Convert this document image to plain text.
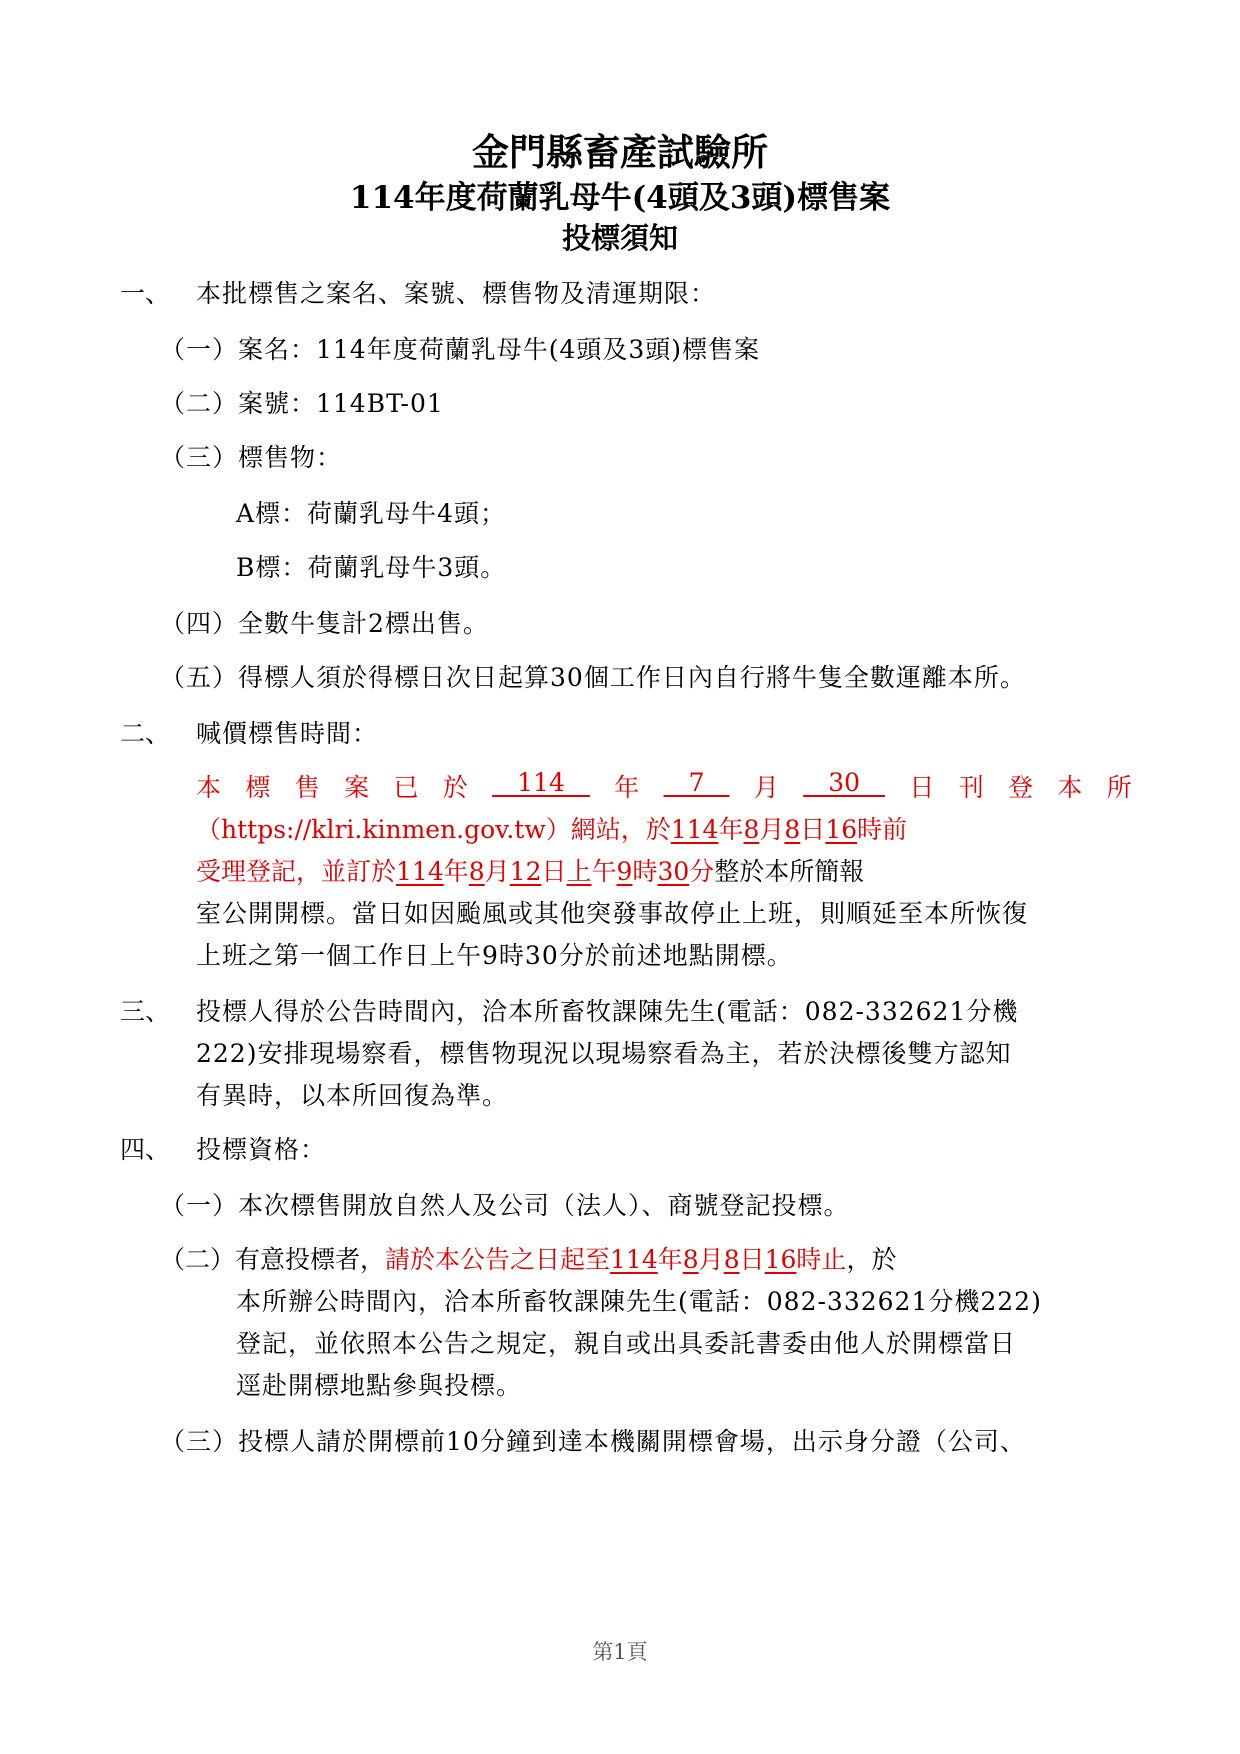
金門縣畜產試驗所
114年度荷蘭乳母牛(4頭及3頭)標售案
投標須知
一、 本批標售之案名、案號、標售物及清運期限：
（一）案名：114年度荷蘭乳母牛(4頭及3頭)標售案
（二）案號：114BT-01
（三）標售物：
A標：荷蘭乳母牛4頭；
B標：荷蘭乳母牛3頭。
（四）全數牛隻計2標出售。
（五）得標人須於得標日次日起算30個工作日內自行將牛隻全數運離本所。
二、 喊價標售時間：
本 標 售 案 已 於 __114__ 年 __7__ 月 __30__ 日 刊 登 本 所
（https://klri.kinmen.gov.tw）網站，於114年8月8日16時前
受理登記，並訂於114年8月12日上午9時30分整於本所簡報
室公開開標。當日如因颱風或其他突發事故停止上班，則順延至本所恢復
上班之第一個工作日上午9時30分於前述地點開標。
三、 投標人得於公告時間內，洽本所畜牧課陳先生(電話：082-332621分機
222)安排現場察看，標售物現況以現場察看為主，若於決標後雙方認知
有異時，以本所回復為準。
四、 投標資格：
（一）本次標售開放自然人及公司（法人）、商號登記投標。
（二）有意投標者，請於本公告之日起至114年8月8日16時止，於
本所辦公時間內，洽本所畜牧課陳先生(電話：082-332621分機222)
登記，並依照本公告之規定，親自或出具委託書委由他人於開標當日
逕赴開標地點參與投標。
（三）投標人請於開標前10分鐘到達本機關開標會場，出示身分證（公司、
第1頁
